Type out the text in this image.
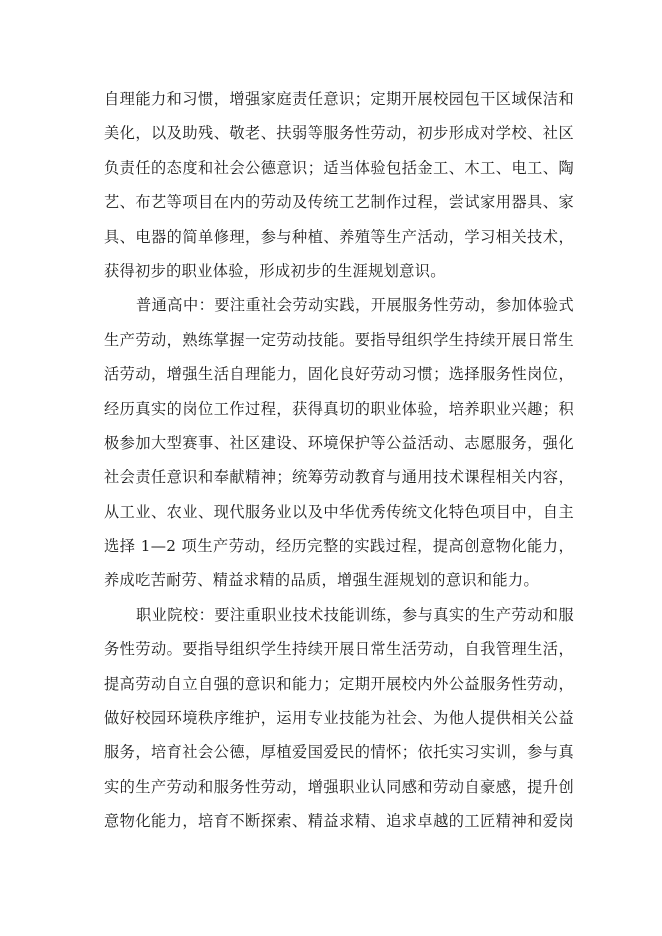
自理能力和习惯，增强家庭责任意识；定期开展校园包干区域保洁和
美化，以及助残、敬老、扶弱等服务性劳动，初步形成对学校、社区
负责任的态度和社会公德意识；适当体验包括金工、木工、电工、陶
艺、布艺等项目在内的劳动及传统工艺制作过程，尝试家用器具、家
具、电器的简单修理，参与种植、养殖等生产活动，学习相关技术，
获得初步的职业体验，形成初步的生涯规划意识。
普通高中：要注重社会劳动实践，开展服务性劳动，参加体验式
生产劳动，熟练掌握一定劳动技能。要指导组织学生持续开展日常生
活劳动，增强生活自理能力，固化良好劳动习惯；选择服务性岗位，
经历真实的岗位工作过程，获得真切的职业体验，培养职业兴趣；积
极参加大型赛事、社区建设、环境保护等公益活动、志愿服务，强化
社会责任意识和奉献精神；统筹劳动教育与通用技术课程相关内容，
从工业、农业、现代服务业以及中华优秀传统文化特色项目中，自主
选择 1—2 项生产劳动，经历完整的实践过程，提高创意物化能力，
养成吃苦耐劳、精益求精的品质，增强生涯规划的意识和能力。
职业院校：要注重职业技术技能训练，参与真实的生产劳动和服
务性劳动。要指导组织学生持续开展日常生活劳动，自我管理生活，
提高劳动自立自强的意识和能力；定期开展校内外公益服务性劳动，
做好校园环境秩序维护，运用专业技能为社会、为他人提供相关公益
服务，培育社会公德，厚植爱国爱民的情怀；依托实习实训，参与真
实的生产劳动和服务性劳动，增强职业认同感和劳动自豪感，提升创
意物化能力，培育不断探索、精益求精、追求卓越的工匠精神和爱岗
